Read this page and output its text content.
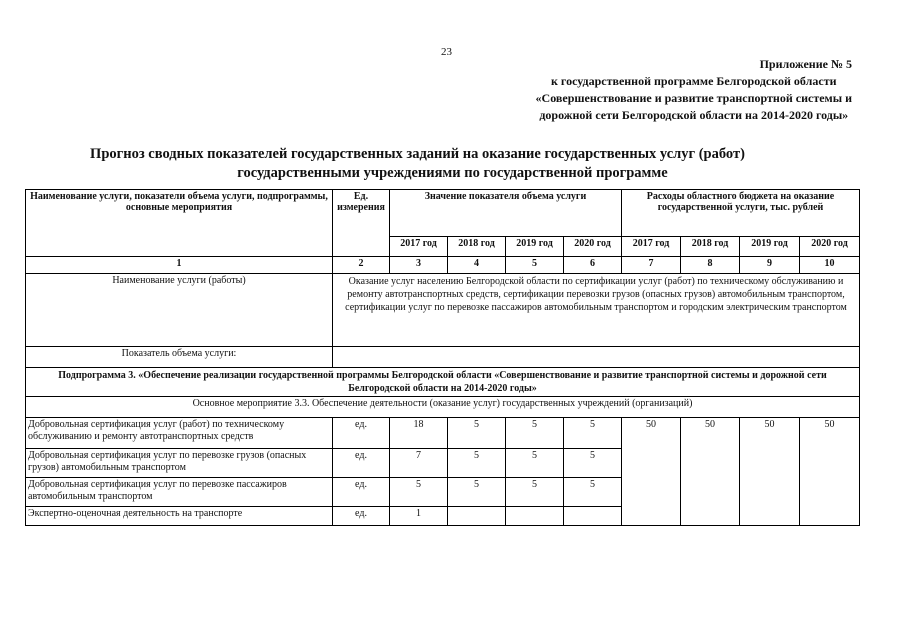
23
Приложение № 5
к государственной программе Белгородской области
«Совершенствование и развитие транспортной системы и
дорожной сети Белгородской области на 2014-2020 годы»
Прогноз сводных показателей государственных заданий на оказание государственных услуг (работ)
государственными учреждениями по государственной программе
Наименование услуги, показатели объема услуги, подпрограммы, основные мероприятия	Ед. измерения	Значение показателя объема услуги				Расходы областного бюджета на оказание государственной услуги, тыс. рублей			
		2017 год	2018 год	2019 год	2020 год	2017 год	2018 год	2019 год	2020 год
1	2	3	4	5	6	7	8	9	10
Наименование услуги (работы)	Оказание услуг населению Белгородской области по сертификации услуг (работ) по техническому обслуживанию и ремонту автотранспортных средств, сертификации перевозки грузов (опасных грузов) автомобильным транспортом, сертификации услуг по перевозке пассажиров автомобильным транспортом и городским электрическим транспортом								
Показатель объема услуги:									
Подпрограмма 3. «Обеспечение реализации государственной программы Белгородской области «Совершенствование и развитие транспортной системы и дорожной сети Белгородской области на 2014-2020 годы»									
Основное мероприятие 3.3. Обеспечение деятельности (оказание услуг) государственных учреждений (организаций)									
Добровольная сертификация услуг (работ) по техническому обслуживанию и ремонту автотранспортных средств	ед.	18	5	5	5	50	50	50	50
Добровольная сертификация услуг по перевозке грузов (опасных грузов) автомобильным транспортом	ед.	7	5	5	5				
Добровольная сертификация услуг по перевозке пассажиров автомобильным транспортом	ед.	5	5	5	5				
Экспертно-оценочная деятельность на транспорте	ед.	1							
